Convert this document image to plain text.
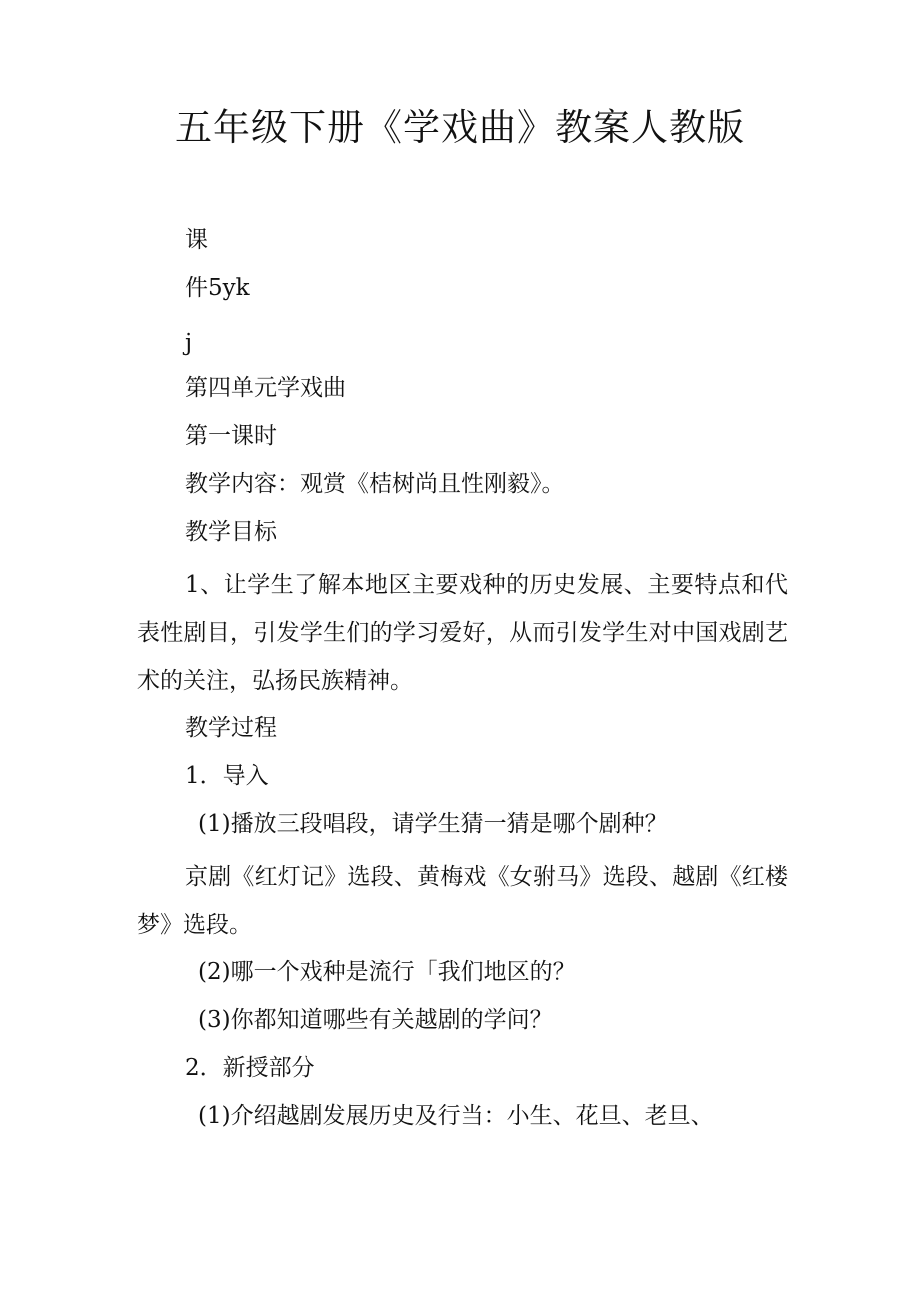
五年级下册《学戏曲》教案人教版
课
件5yk
j
第四单元学戏曲
第一课时
教学内容：观赏《桔树尚且性刚毅》。
教学目标
1、让学生了解本地区主要戏种的历史发展、主要特点和代表性剧目，引发学生们的学习爱好，从而引发学生对中国戏剧艺术的关注，弘扬民族精神。
教学过程
1．导入
(1)播放三段唱段，请学生猜一猜是哪个剧种？
京剧《红灯记》选段、黄梅戏《女驸马》选段、越剧《红楼梦》选段。
(2)哪一个戏种是流行「我们地区的？
(3)你都知道哪些有关越剧的学问？
2．新授部分
(1)介绍越剧发展历史及行当：小生、花旦、老旦、
